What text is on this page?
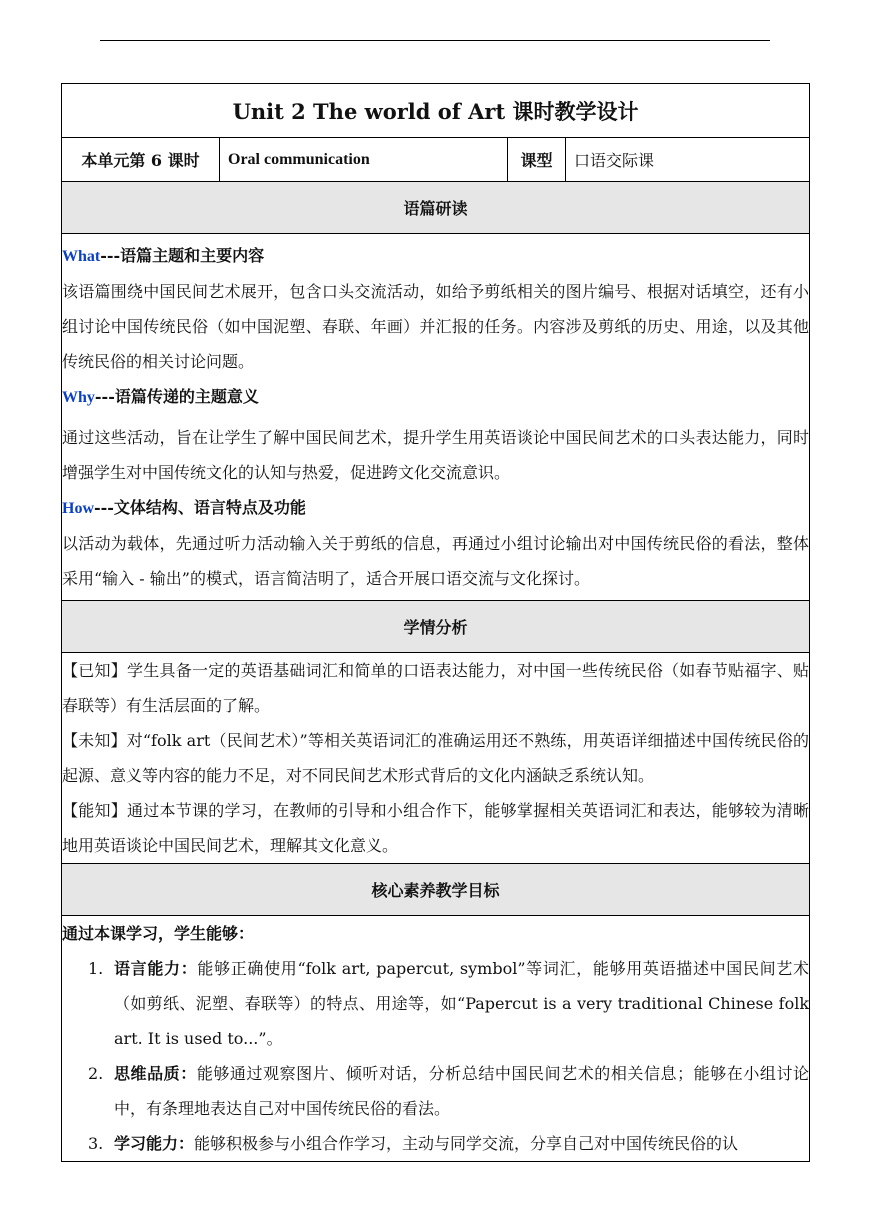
Unit 2 The world of Art 课时教学设计
本单元第 6 课时	Oral communication	课型	口语交际课
语篇研读

What---语篇主题和主要内容

该语篇围绕中国民间艺术展开，包含口头交流活动，如给予剪纸相关的图片编号、根据对话填空，还有小组讨论中国传统民俗（如中国泥塑、春联、年画）并汇报的任务。内容涉及剪纸的历史、用途，以及其他传统民俗的相关讨论问题。

Why---语篇传递的主题意义

通过这些活动，旨在让学生了解中国民间艺术，提升学生用英语谈论中国民间艺术的口头表达能力，同时增强学生对中国传统文化的认知与热爱，促进跨文化交流意识。

How---文体结构、语言特点及功能

以活动为载体，先通过听力活动输入关于剪纸的信息，再通过小组讨论输出对中国传统民俗的看法，整体采用“输入 - 输出”的模式，语言简洁明了，适合开展口语交流与文化探讨。

学情分析

【已知】学生具备一定的英语基础词汇和简单的口语表达能力，对中国一些传统民俗（如春节贴福字、贴春联等）有生活层面的了解。

【未知】对“folk art（民间艺术）”等相关英语词汇的准确运用还不熟练，用英语详细描述中国传统民俗的起源、意义等内容的能力不足，对不同民间艺术形式背后的文化内涵缺乏系统认知。

【能知】通过本节课的学习，在教师的引导和小组合作下，能够掌握相关英语词汇和表达，能够较为清晰地用英语谈论中国民间艺术，理解其文化意义。

核心素养教学目标

通过本课学习，学生能够：

1. 语言能力：能够正确使用“folk art, papercut, symbol”等词汇，能够用英语描述中国民间艺术（如剪纸、泥塑、春联等）的特点、用途等，如“Papercut is a very traditional Chinese folk art. It is used to...”。
2. 思维品质：能够通过观察图片、倾听对话，分析总结中国民间艺术的相关信息；能够在小组讨论中，有条理地表达自己对中国传统民俗的看法。
3. 学习能力：能够积极参与小组合作学习，主动与同学交流，分享自己对中国传统民俗的认
